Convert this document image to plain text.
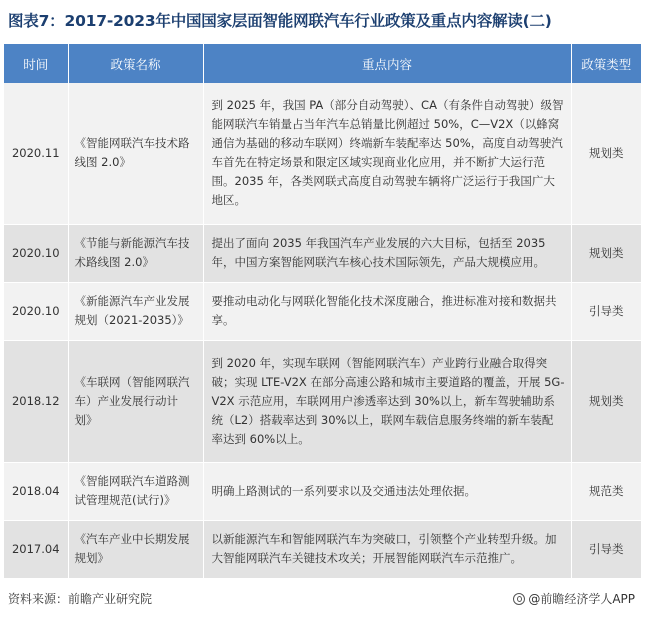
图表7：2017-2023年中国国家层面智能网联汽车行业政策及重点内容解读(二)
时间	政策名称	重点内容	政策类型
2020.11	《智能网联汽车技术路线图 2.0》	到 2025 年，我国 PA（部分自动驾驶）、CA（有条件自动驾驶）级智能网联汽车销量占当年汽车总销量比例超过 50%，C—V2X（以蜂窝通信为基础的移动车联网）终端新车装配率达 50%，高度自动驾驶汽车首先在特定场景和限定区域实现商业化应用，并不断扩大运行范围。2035 年，各类网联式高度自动驾驶车辆将广泛运行于我国广大地区。	规划类
2020.10	《节能与新能源汽车技术路线图 2.0》	提出了面向 2035 年我国汽车产业发展的六大目标，包括至 2035 年，中国方案智能网联汽车核心技术国际领先，产品大规模应用。	规划类
2020.10	《新能源汽车产业发展规划（2021-2035）》	要推动电动化与网联化智能化技术深度融合，推进标准对接和数据共享。	引导类
2018.12	《车联网（智能网联汽车）产业发展行动计划》	到 2020 年，实现车联网（智能网联汽车）产业跨行业融合取得突破；实现 LTE-V2X 在部分高速公路和城市主要道路的覆盖，开展 5G-V2X 示范应用，车联网用户渗透率达到 30%以上，新车驾驶辅助系统（L2）搭载率达到 30%以上，联网车载信息服务终端的新车装配率达到 60%以上。	规划类
2018.04	《智能网联汽车道路测试管理规范(试行)》	明确上路测试的一系列要求以及交通违法处理依据。	规范类
2017.04	《汽车产业中长期发展规划》	以新能源汽车和智能网联汽车为突破口，引领整个产业转型升级。加大智能网联汽车关键技术攻关；开展智能网联汽车示范推广。	引导类
资料来源：前瞻产业研究院	@前瞻经济学人APP
